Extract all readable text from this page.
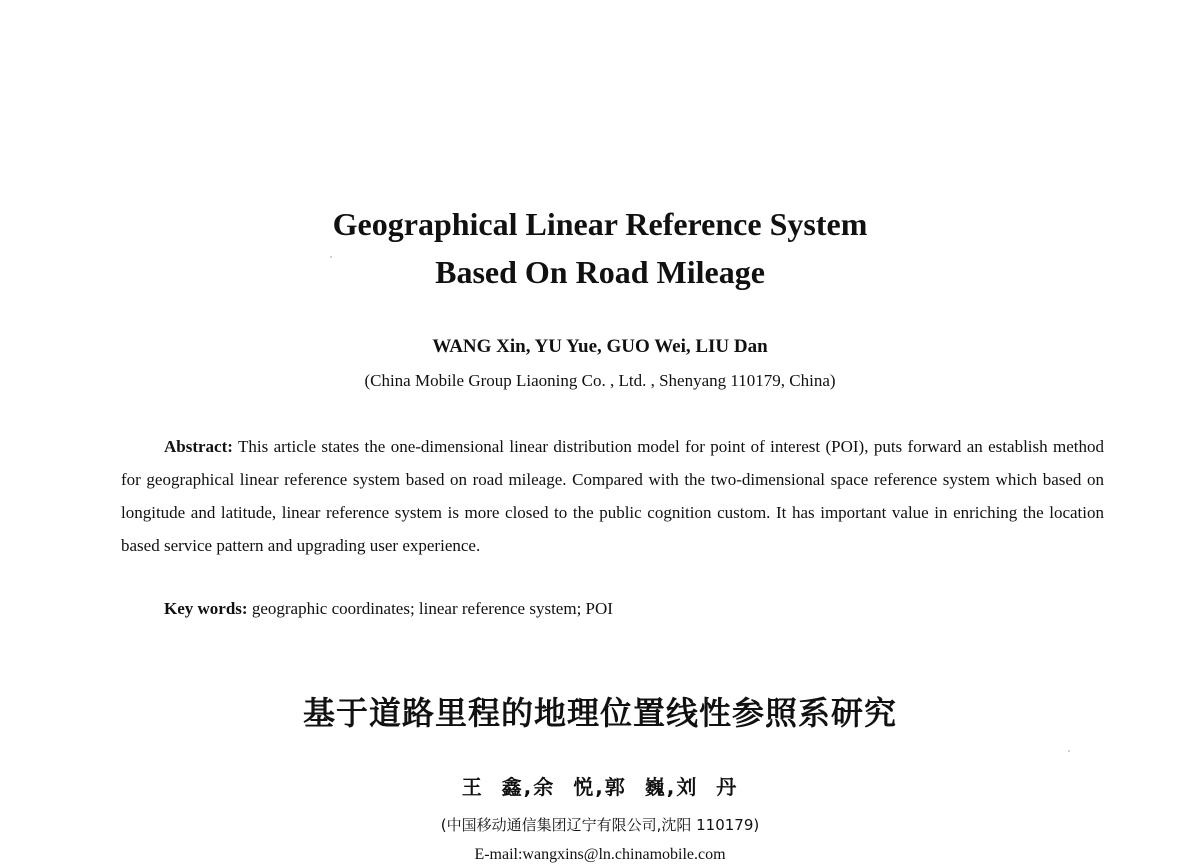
Geographical Linear Reference System
Based On Road Mileage
WANG Xin, YU Yue, GUO Wei, LIU Dan
(China Mobile Group Liaoning Co. , Ltd. , Shenyang 110179, China)

Abstract: This article states the one-dimensional linear distribution model for point of interest (POI), puts forward an establish method for geographical linear reference system based on road mileage. Compared with the two-dimensional space reference system which based on longitude and latitude, linear reference system is more closed to the public cognition custom. It has important value in enriching the location based service pattern and upgrading user experience.

Key words: geographic coordinates; linear reference system; POI

基于道路里程的地理位置线性参照系研究
王  鑫,余  悦,郭  巍,刘  丹
(中国移动通信集团辽宁有限公司,沈阳 110179)
E-mail:wangxins@ln.chinamobile.com
